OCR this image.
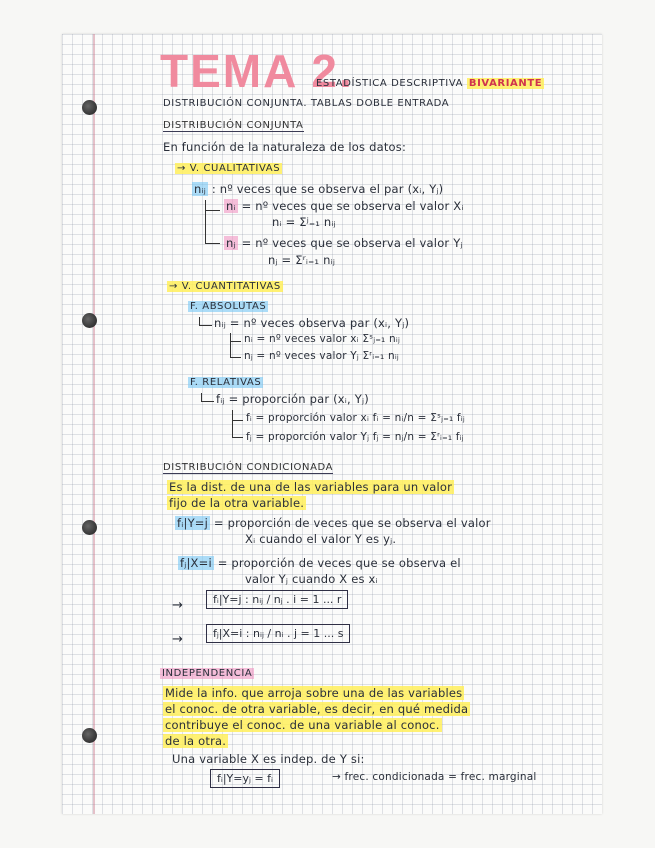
TEMA 2.
ESTADÍSTICA DESCRIPTIVA BIVARIANTE
DISTRIBUCIÓN CONJUNTA. TABLAS DOBLE ENTRADA
DISTRIBUCIÓN CONJUNTA
En función de la naturaleza de los datos:
→ V. CUALITATIVAS
nᵢⱼ : nº veces que se observa el par (xᵢ, Yⱼ)
nᵢ = nº veces que se observa el valor Xᵢ
nᵢ = Σʲ₌₁ nᵢⱼ
nⱼ = nº veces que se observa el valor Yⱼ
nⱼ = Σʳᵢ₌₁ nᵢⱼ
→ V. CUANTITATIVAS
F. ABSOLUTAS
nᵢⱼ = nº veces observa par (xᵢ, Yⱼ)
nᵢ = nº veces valor xᵢ Σˢⱼ₌₁ nᵢⱼ
nⱼ = nº veces valor Yⱼ Σʳᵢ₌₁ nᵢⱼ
F. RELATIVAS
fᵢⱼ = proporción par (xᵢ, Yⱼ)
fᵢ = proporción valor xᵢ fᵢ = nᵢ/n = Σˢⱼ₌₁ fᵢⱼ
fⱼ = proporción valor Yⱼ fⱼ = nⱼ/n = Σʳᵢ₌₁ fᵢⱼ
DISTRIBUCIÓN CONDICIONADA
Es la dist. de una de las variables para un valor
fijo de la otra variable.
fᵢ|Y=j = proporción de veces que se observa el valor
Xᵢ cuando el valor Y es yⱼ.
fⱼ|X=i = proporción de veces que se observa el
valor Yⱼ cuando X es xᵢ
→	fᵢ|Y=j : nᵢⱼ / nⱼ . i = 1 ... r
→	fⱼ|X=i : nᵢⱼ / nᵢ . j = 1 ... s
INDEPENDENCIA
Mide la info. que arroja sobre una de las variables
el conoc. de otra variable, es decir, en qué medida
contribuye el conoc. de una variable al conoc.
de la otra.
Una variable X es indep. de Y si:
fᵢ|Y=yⱼ = fᵢ	→ frec. condicionada = frec. marginal
